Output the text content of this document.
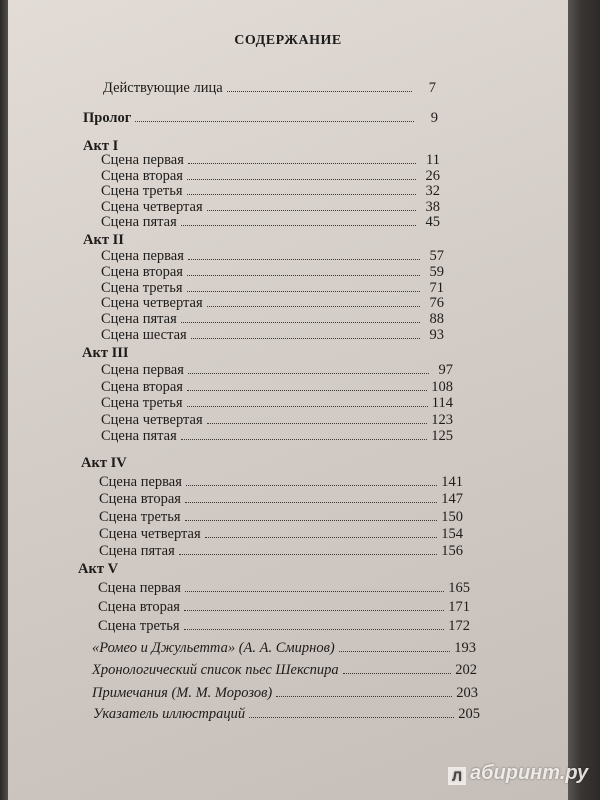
СОДЕРЖАНИЕ
Действующие лица	7
Пролог	9
Акт I
Сцена первая	11
Сцена вторая	26
Сцена третья	32
Сцена четвертая	38
Сцена пятая	45
Акт II
Сцена первая	57
Сцена вторая	59
Сцена третья	71
Сцена четвертая	76
Сцена пятая	88
Сцена шестая	93
Акт III
Сцена первая	97
Сцена вторая	108
Сцена третья	114
Сцена четвертая	123
Сцена пятая	125
Акт IV
Сцена первая	141
Сцена вторая	147
Сцена третья	150
Сцена четвертая	154
Сцена пятая	156
Акт V
Сцена первая	165
Сцена вторая	171
Сцена третья	172
«Ромео и Джульетта» (А. А. Смирнов)	193
Хронологический список пьес Шекспира	202
Примечания (М. М. Морозов)	203
Указатель иллюстраций	205
Л абиринт.ру
